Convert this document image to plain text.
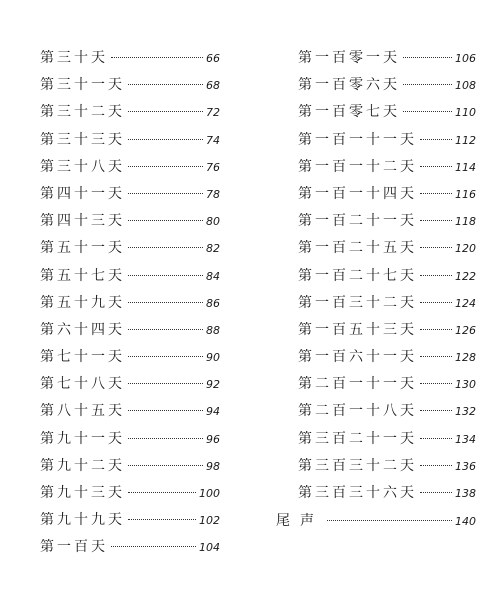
第三十天	66
第三十一天	68
第三十二天	72
第三十三天	74
第三十八天	76
第四十一天	78
第四十三天	80
第五十一天	82
第五十七天	84
第五十九天	86
第六十四天	88
第七十一天	90
第七十八天	92
第八十五天	94
第九十一天	96
第九十二天	98
第九十三天	100
第九十九天	102
第一百天	104
第一百零一天	106
第一百零六天	108
第一百零七天	110
第一百一十一天	112
第一百一十二天	114
第一百一十四天	116
第一百二十一天	118
第一百二十五天	120
第一百二十七天	122
第一百三十二天	124
第一百五十三天	126
第一百六十一天	128
第二百一十一天	130
第二百一十八天	132
第三百二十一天	134
第三百三十二天	136
第三百三十六天	138
尾声	140
